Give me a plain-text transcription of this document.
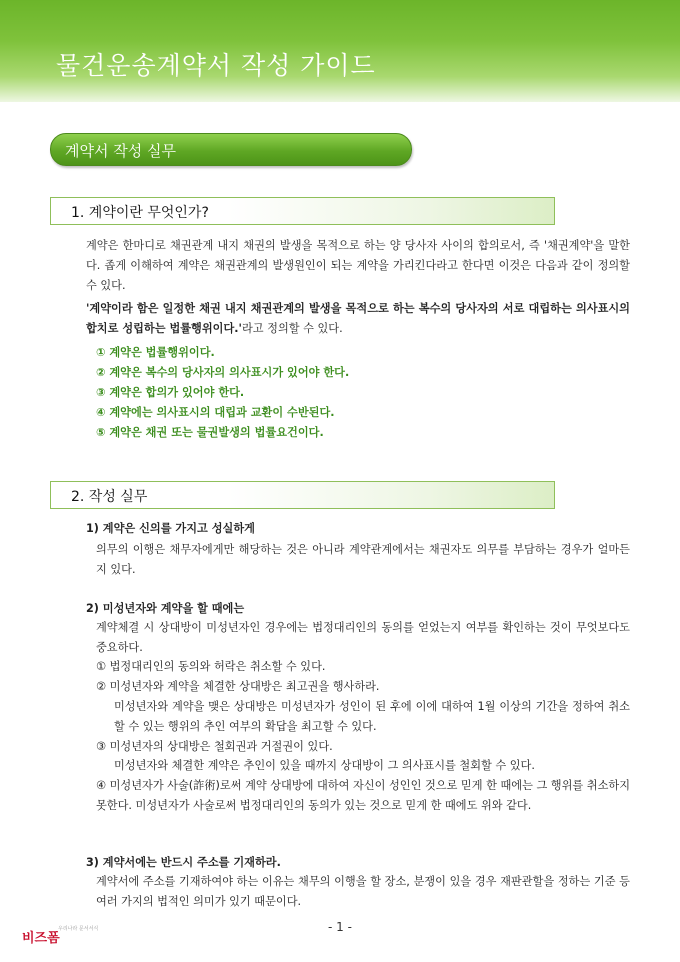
물건운송계약서 작성 가이드
계약서 작성 실무
1. 계약이란 무엇인가?
계약은 한마디로 채권관계 내지 채권의 발생을 목적으로 하는 양 당사자 사이의 합의로서, 즉 '채권계약'을 말한다. 좁게 이해하여 계약은 채권관계의 발생원인이 되는 계약을 가리킨다라고 한다면 이것은 다음과 같이 정의할 수 있다.
'계약이라 함은 일정한 채권 내지 채권관계의 발생을 목적으로 하는 복수의 당사자의 서로 대립하는 의사표시의 합치로 성립하는 법률행위이다.'라고 정의할 수 있다.
① 계약은 법률행위이다.
② 계약은 복수의 당사자의 의사표시가 있어야 한다.
③ 계약은 합의가 있어야 한다.
④ 계약에는 의사표시의 대립과 교환이 수반된다.
⑤ 계약은 채권 또는 물권발생의 법률요건이다.
2. 작성 실무
1) 계약은 신의를 가지고 성실하게
의무의 이행은 채무자에게만 해당하는 것은 아니라 계약관계에서는 채권자도 의무를 부담하는 경우가 얼마든지 있다.
2) 미성년자와 계약을 할 때에는
계약체결 시 상대방이 미성년자인 경우에는 법정대리인의 동의를 얻었는지 여부를 확인하는 것이 무엇보다도 중요하다.
① 법정대리인의 동의와 허락은 취소할 수 있다.
② 미성년자와 계약을 체결한 상대방은 최고권을 행사하라.
미성년자와 계약을 맺은 상대방은 미성년자가 성인이 된 후에 이에 대하여 1월 이상의 기간을 정하여 취소할 수 있는 행위의 추인 여부의 확답을 최고할 수 있다.
③ 미성년자의 상대방은 철회권과 거절권이 있다.
미성년자와 체결한 계약은 추인이 있을 때까지 상대방이 그 의사표시를 철회할 수 있다.
④ 미성년자가 사술(詐術)로써 계약 상대방에 대하여 자신이 성인인 것으로 믿게 한 때에는 그 행위를 취소하지 못한다. 미성년자가 사술로써 법정대리인의 동의가 있는 것으로 믿게 한 때에도 위와 같다.
3) 계약서에는 반드시 주소를 기재하라.
계약서에 주소를 기재하여야 하는 이유는 채무의 이행을 할 장소, 분쟁이 있을 경우 재판관할을 정하는 기준 등 여러 가지의 법적인 의미가 있기 때문이다.
- 1 -
비즈폼
우리나라 문서서식
